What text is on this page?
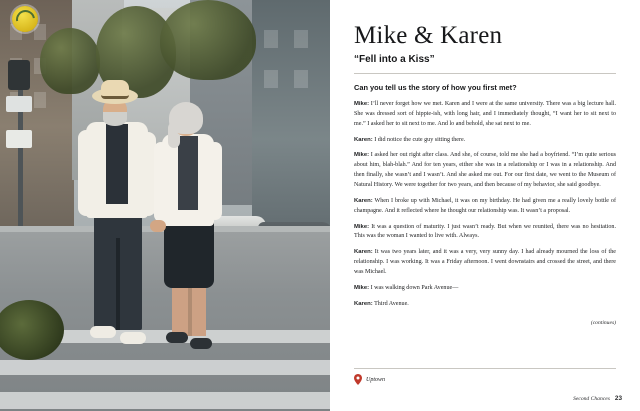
Mike & Karen
“Fell into a Kiss”
Can you tell us the story of how you first met?

Mike: I’ll never forget how we met. Karen and I were at the same university. There was a big lecture hall. She was dressed sort of hippie-ish, with long hair, and I immediately thought, “I want her to sit next to me.” I asked her to sit next to me. And lo and behold, she sat next to me.

Karen: I did notice the cute guy sitting there.

Mike: I asked her out right after class. And she, of course, told me she had a boyfriend. “I’m quite serious about him, blah-blah.” And for ten years, either she was in a relationship or I was in a relationship. And then finally, she wasn’t and I wasn’t. And she asked me out. For our first date, we went to the Museum of Natural History. We were together for two years, and then because of my behavior, she said goodbye.

Karen: When I broke up with Michael, it was on my birthday. He had given me a really lovely bottle of champagne. And it reflected where he thought our relationship was. It wasn’t a proposal.

Mike: It was a question of maturity. I just wasn’t ready. But when we reunited, there was no hesitation. This was the woman I wanted to live with. Always.

Karen: It was two years later, and it was a very, very sunny day. I had already mourned the loss of the relationship. I was working. It was a Friday afternoon. I went downstairs and crossed the street, and there was Michael.

Mike: I was walking down Park Avenue—

Karen: Third Avenue.

(continues)
Uptown
Second Chances 23
